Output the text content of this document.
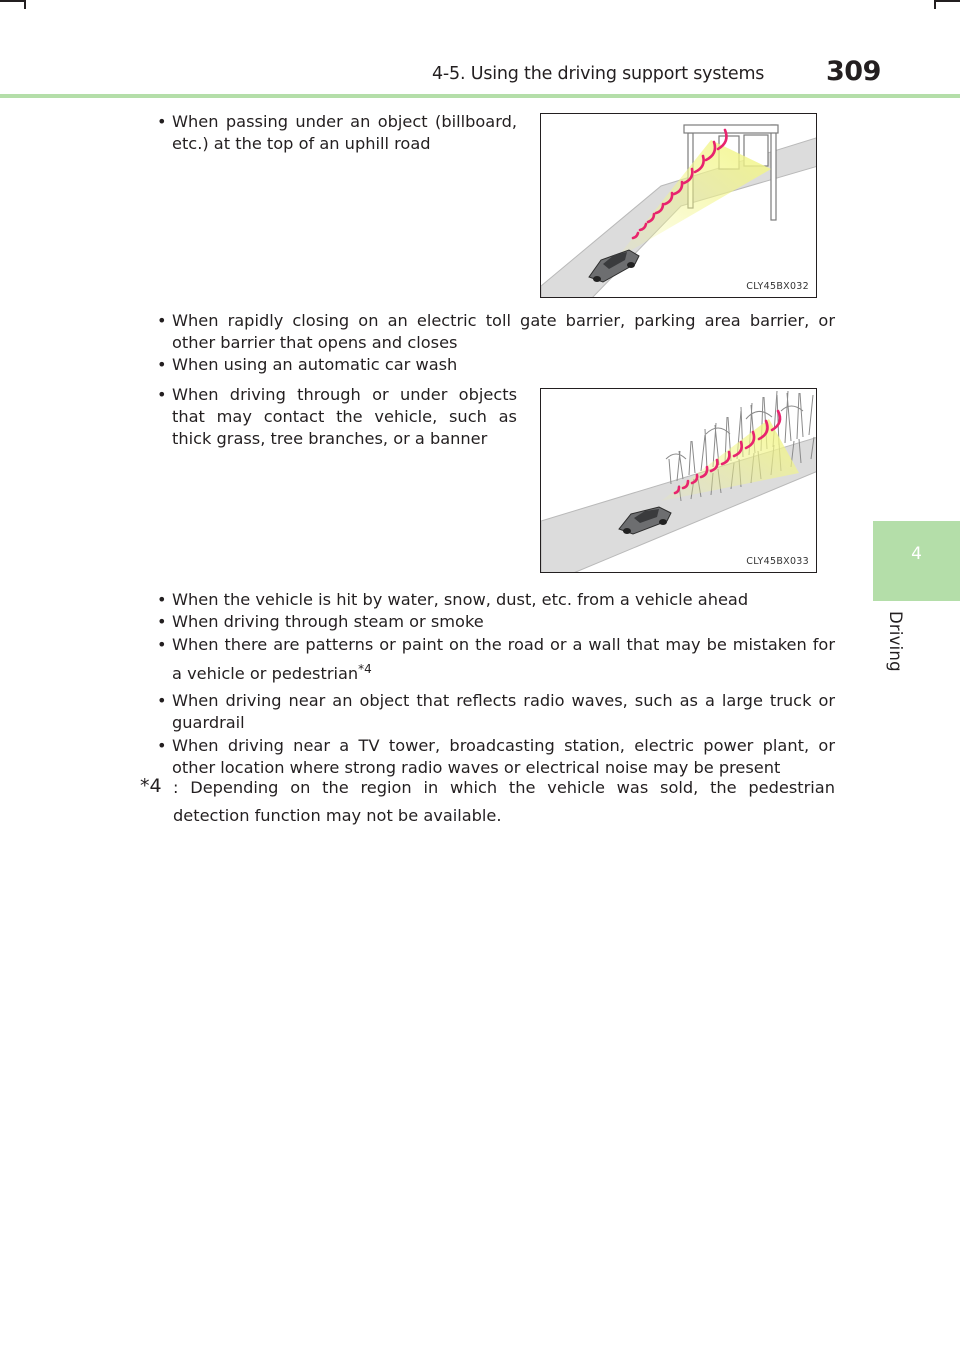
4-5. Using the driving support systems 309
4
Driving
• When passing under an object (billboard, etc.) at the top of an uphill road
CLY45BX032
• When rapidly closing on an electric toll gate barrier, parking area barrier, or other barrier that opens and closes
• When using an automatic car wash
• When driving through or under objects that may contact the vehicle, such as thick grass, tree branches, or a banner
CLY45BX033
• When the vehicle is hit by water, snow, dust, etc. from a vehicle ahead
• When driving through steam or smoke
• When there are patterns or paint on the road or a wall that may be mistaken for a vehicle or pedestrian$^{*4}$
• When driving near an object that reflects radio waves, such as a large truck or guardrail
• When driving near a TV tower, broadcasting station, electric power plant, or other location where strong radio waves or electrical noise may be present
*4 : Depending on the region in which the vehicle was sold, the pedestrian detection function may not be available.
